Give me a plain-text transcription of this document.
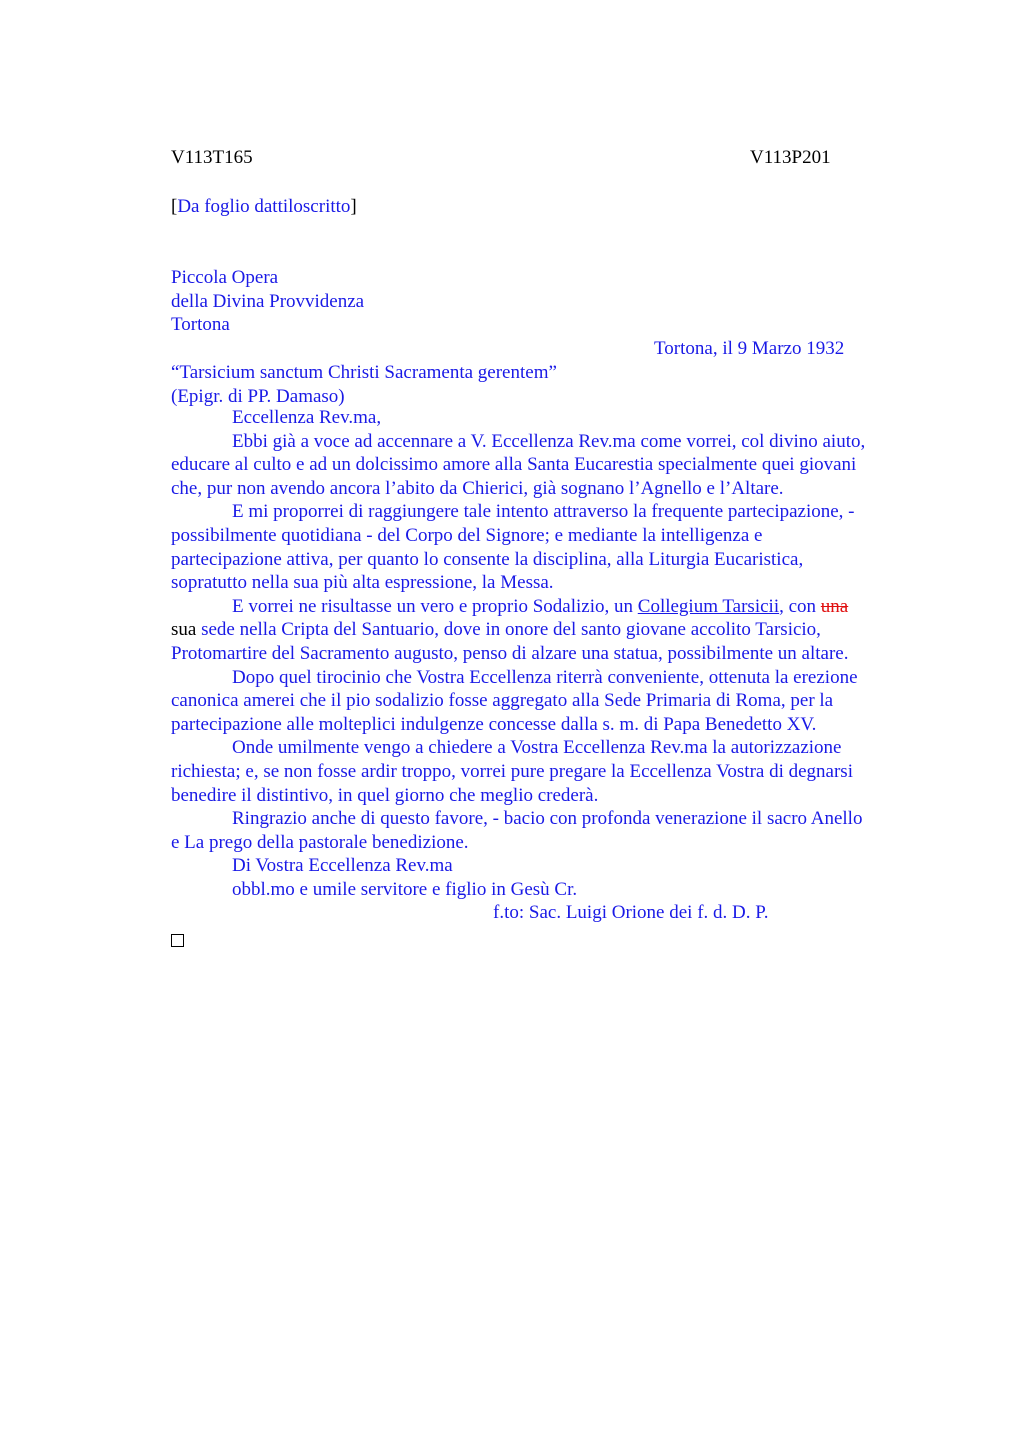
V113T165	V113P201
[Da foglio dattiloscritto]
Piccola Opera
della Divina Provvidenza
Tortona
Tortona, il 9 Marzo 1932
“Tarsicium sanctum Christi Sacramenta gerentem”
(Epigr. di PP. Damaso)
Eccellenza Rev.ma,
Ebbi già a voce ad accennare a V. Eccellenza Rev.ma come vorrei, col divino aiuto,
educare al culto e ad un dolcissimo amore alla Santa Eucarestia specialmente quei giovani
che, pur non avendo ancora l’abito da Chierici, già sognano l’Agnello e l’Altare.
E mi proporrei di raggiungere tale intento attraverso la frequente partecipazione, -
possibilmente quotidiana - del Corpo del Signore; e mediante la intelligenza e
partecipazione attiva, per quanto lo consente la disciplina, alla Liturgia Eucaristica,
sopratutto nella sua più alta espressione, la Messa.
E vorrei ne risultasse un vero e proprio Sodalizio, un Collegium Tarsicii, con una
sua sede nella Cripta del Santuario, dove in onore del santo giovane accolito Tarsicio,
Protomartire del Sacramento augusto, penso di alzare una statua, possibilmente un altare.
Dopo quel tirocinio che Vostra Eccellenza riterrà conveniente, ottenuta la erezione
canonica amerei che il pio sodalizio fosse aggregato alla Sede Primaria di Roma, per la
partecipazione alle molteplici indulgenze concesse dalla s. m. di Papa Benedetto XV.
Onde umilmente vengo a chiedere a Vostra Eccellenza Rev.ma la autorizzazione
richiesta; e, se non fosse ardir troppo, vorrei pure pregare la Eccellenza Vostra di degnarsi
benedire il distintivo, in quel giorno che meglio crederà.
Ringrazio anche di questo favore, - bacio con profonda venerazione il sacro Anello
e La prego della pastorale benedizione.
Di Vostra Eccellenza Rev.ma
obbl.mo e umile servitore e figlio in Gesù Cr.
f.to: Sac. Luigi Orione dei f. d. D. P.
